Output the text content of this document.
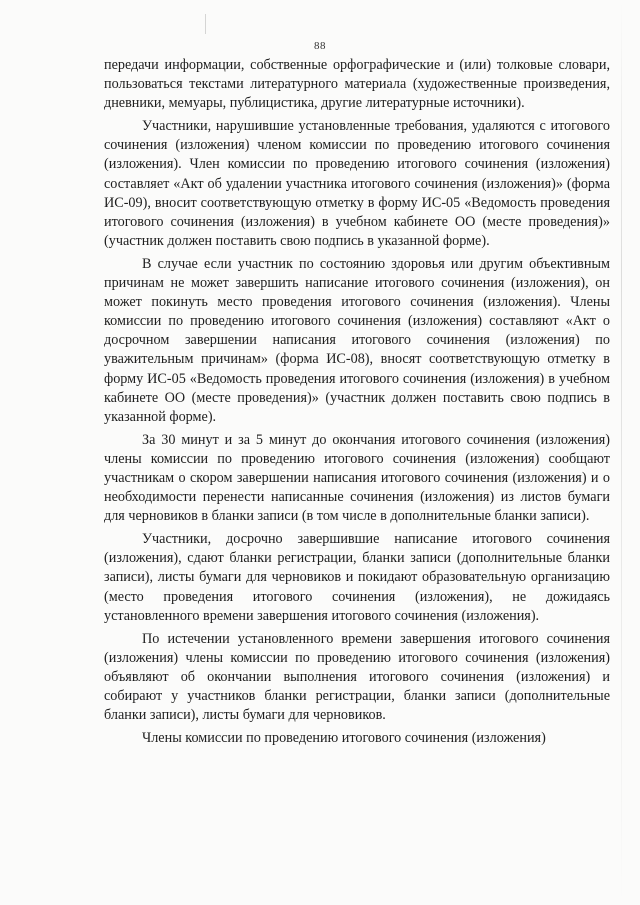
88

передачи информации, собственные орфографические и (или) толковые словари, пользоваться текстами литературного материала (художественные произведения, дневники, мемуары, публицистика, другие литературные источники).

Участники, нарушившие установленные требования, удаляются с итогового сочинения (изложения) членом комиссии по проведению итогового сочинения (изложения). Член комиссии по проведению итогового сочинения (изложения) составляет «Акт об удалении участника итогового сочинения (изложения)» (форма ИС-09), вносит соответствующую отметку в форму ИС-05 «Ведомость проведения итогового сочинения (изложения) в учебном кабинете ОО (месте проведения)» (участник должен поставить свою подпись в указанной форме).

В случае если участник по состоянию здоровья или другим объективным причинам не может завершить написание итогового сочинения (изложения), он может покинуть место проведения итогового сочинения (изложения). Члены комиссии по проведению итогового сочинения (изложения) составляют «Акт о досрочном завершении написания итогового сочинения (изложения) по уважительным причинам» (форма ИС-08), вносят соответствующую отметку в форму ИС-05 «Ведомость проведения итогового сочинения (изложения) в учебном кабинете ОО (месте проведения)» (участник должен поставить свою подпись в указанной форме).

За 30 минут и за 5 минут до окончания итогового сочинения (изложения) члены комиссии по проведению итогового сочинения (изложения) сообщают участникам о скором завершении написания итогового сочинения (изложения) и о необходимости перенести написанные сочинения (изложения) из листов бумаги для черновиков в бланки записи (в том числе в дополнительные бланки записи).

Участники, досрочно завершившие написание итогового сочинения (изложения), сдают бланки регистрации, бланки записи (дополнительные бланки записи), листы бумаги для черновиков и покидают образовательную организацию (место проведения итогового сочинения (изложения), не дожидаясь установленного времени завершения итогового сочинения (изложения).

По истечении установленного времени завершения итогового сочинения (изложения) члены комиссии по проведению итогового сочинения (изложения) объявляют об окончании выполнения итогового сочинения (изложения) и собирают у участников бланки регистрации, бланки записи (дополнительные бланки записи), листы бумаги для черновиков.

Члены комиссии по проведению итогового сочинения (изложения)
